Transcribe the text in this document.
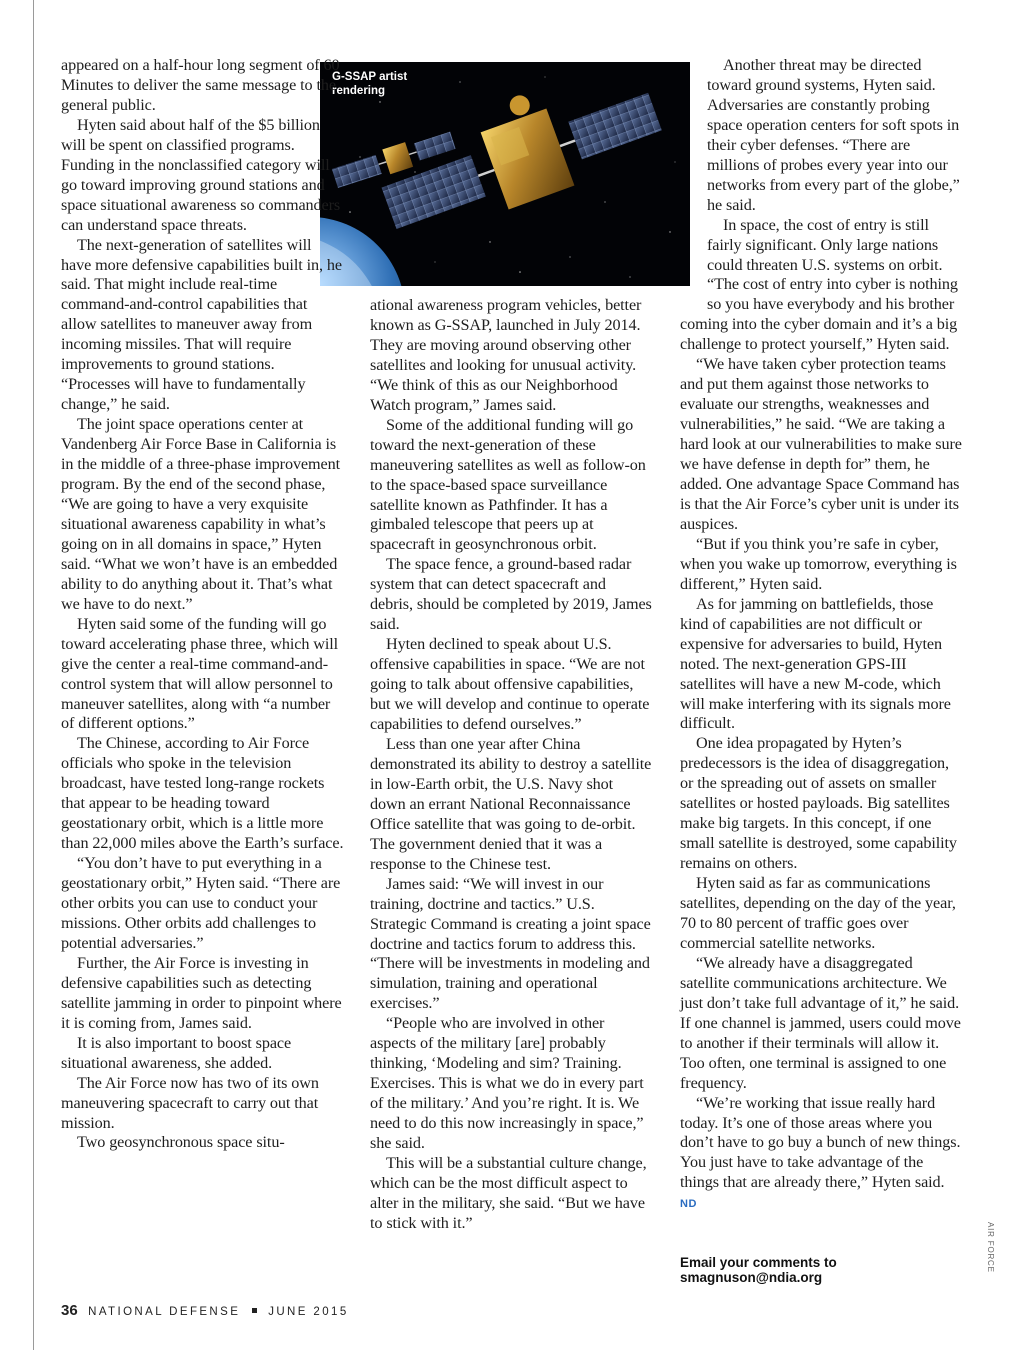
G-SSAP artist rendering

appeared on a half-hour long segment of 60 Minutes to deliver the same message to the general public.

Hyten said about half of the $5 billion will be spent on classified programs. Funding in the nonclassified category will go toward improving ground stations and space situational awareness so commanders can understand space threats.

The next-generation of satellites will have more defensive capabilities built in, he said. That might include real-time command-and-control capabilities that allow satellites to maneuver away from incoming missiles. That will require improvements to ground stations. “Processes will have to fundamentally change,” he said.

The joint space operations center at Vandenberg Air Force Base in California is in the middle of a three-phase improvement program. By the end of the second phase, “We are going to have a very exquisite situational awareness capability in what’s going on in all domains in space,” Hyten said. “What we won’t have is an embedded ability to do anything about it. That’s what we have to do next.”

Hyten said some of the funding will go toward accelerating phase three, which will give the center a real-time command-and-control system that will allow personnel to maneuver satellites, along with “a number of different options.”

The Chinese, according to Air Force officials who spoke in the television broadcast, have tested long-range rockets that appear to be heading toward geostationary orbit, which is a little more than 22,000 miles above the Earth’s surface.

“You don’t have to put everything in a geostationary orbit,” Hyten said. “There are other orbits you can use to conduct your missions. Other orbits add challenges to potential adversaries.”

Further, the Air Force is investing in defensive capabilities such as detecting satellite jamming in order to pinpoint where it is coming from, James said.

It is also important to boost space situational awareness, she added.

The Air Force now has two of its own maneuvering spacecraft to carry out that mission.

Two geosynchronous space situ-

ational awareness program vehicles, better known as G-SSAP, launched in July 2014. They are moving around observing other satellites and looking for unusual activity. “We think of this as our Neighborhood Watch program,” James said.

Some of the additional funding will go toward the next-generation of these maneuvering satellites as well as follow-on to the space-based space surveillance satellite known as Pathfinder. It has a gimbaled telescope that peers up at spacecraft in geosynchronous orbit.

The space fence, a ground-based radar system that can detect spacecraft and debris, should be completed by 2019, James said.

Hyten declined to speak about U.S. offensive capabilities in space. “We are not going to talk about offensive capabilities, but we will develop and continue to operate capabilities to defend ourselves.”

Less than one year after China demonstrated its ability to destroy a satellite in low-Earth orbit, the U.S. Navy shot down an errant National Reconnaissance Office satellite that was going to de-orbit. The government denied that it was a response to the Chinese test.

James said: “We will invest in our training, doctrine and tactics.” U.S. Strategic Command is creating a joint space doctrine and tactics forum to address this. “There will be investments in modeling and simulation, training and operational exercises.”

“People who are involved in other aspects of the military [are] probably thinking, ‘Modeling and sim? Training. Exercises. This is what we do in every part of the military.’ And you’re right. It is. We need to do this now increasingly in space,” she said.

This will be a substantial culture change, which can be the most difficult aspect to alter in the military, she said. “But we have to stick with it.”

Another threat may be directed toward ground systems, Hyten said. Adversaries are constantly probing space operation centers for soft spots in their cyber defenses. “There are millions of probes every year into our networks from every part of the globe,” he said.

In space, the cost of entry is still fairly significant. Only large nations could threaten U.S. systems on orbit. “The cost of entry into cyber is nothing so you have everybody and his brother coming into the cyber domain and it’s a big challenge to protect yourself,” Hyten said.

“We have taken cyber protection teams and put them against those networks to evaluate our strengths, weaknesses and vulnerabilities,” he said. “We are taking a hard look at our vulnerabilities to make sure we have defense in depth for” them, he added. One advantage Space Command has is that the Air Force’s cyber unit is under its auspices.

“But if you think you’re safe in cyber, when you wake up tomorrow, everything is different,” Hyten said.

As for jamming on battlefields, those kind of capabilities are not difficult or expensive for adversaries to build, Hyten noted. The next-generation GPS-III satellites will have a new M-code, which will make interfering with its signals more difficult.

One idea propagated by Hyten’s predecessors is the idea of disaggregation, or the spreading out of assets on smaller satellites or hosted payloads. Big satellites make big targets. In this concept, if one small satellite is destroyed, some capability remains on others.

Hyten said as far as communications satellites, depending on the day of the year, 70 to 80 percent of traffic goes over commercial satellite networks.

“We already have a disaggregated satellite communications architecture. We just don’t take full advantage of it,” he said. If one channel is jammed, users could move to another if their terminals will allow it. Too often, one terminal is assigned to one frequency.

“We’re working that issue really hard today. It’s one of those areas where you don’t have to go buy a bunch of new things. You just have to take advantage of the things that are already there,” Hyten said. ND

Email your comments to smagnuson@ndia.org
AIR FORCE
36 NATIONAL DEFENSE JUNE 2015
